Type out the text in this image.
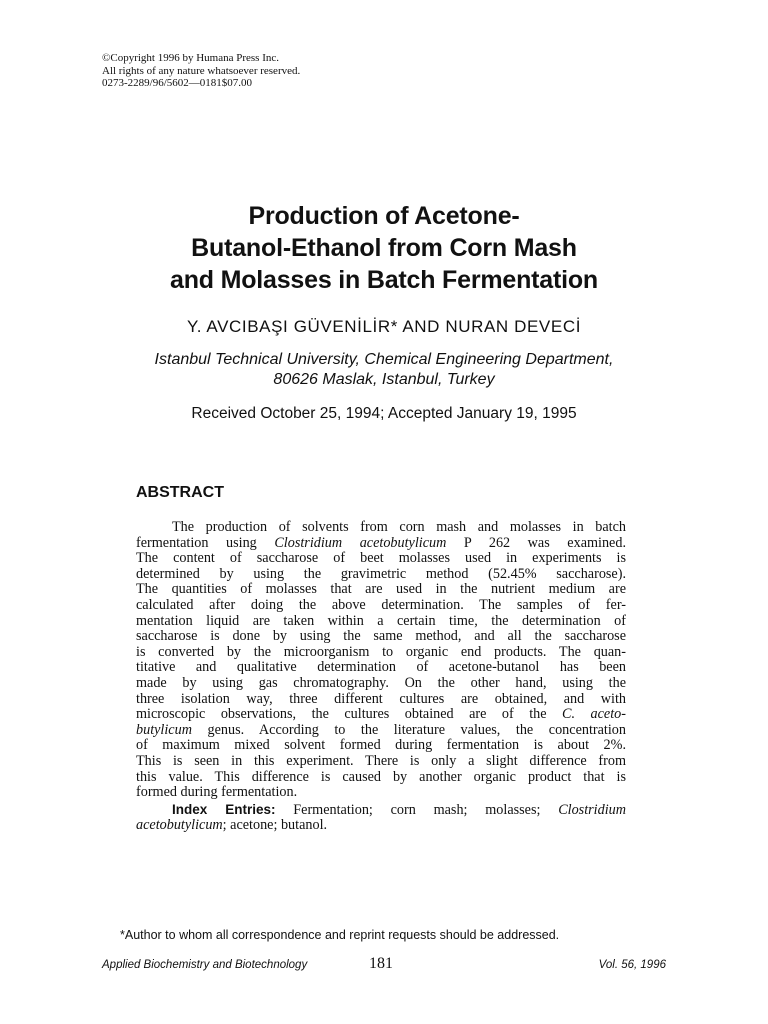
©Copyright 1996 by Humana Press Inc.
All rights of any nature whatsoever reserved.
0273-2289/96/5602—0181$07.00
Production of Acetone-
Butanol-Ethanol from Corn Mash
and Molasses in Batch Fermentation
Y. AVCIBAŞI GÜVENİLİR* AND NURAN DEVECİ
Istanbul Technical University, Chemical Engineering Department,
80626 Maslak, Istanbul, Turkey
Received October 25, 1994; Accepted January 19, 1995
ABSTRACT
The production of solvents from corn mash and molasses in batch
fermentation using Clostridium acetobutylicum P 262 was examined.
The content of saccharose of beet molasses used in experiments is
determined by using the gravimetric method (52.45% saccharose).
The quantities of molasses that are used in the nutrient medium are
calculated after doing the above determination. The samples of fer-
mentation liquid are taken within a certain time, the determination of
saccharose is done by using the same method, and all the saccharose
is converted by the microorganism to organic end products. The quan-
titative and qualitative determination of acetone-butanol has been
made by using gas chromatography. On the other hand, using the
three isolation way, three different cultures are obtained, and with
microscopic observations, the cultures obtained are of the C. aceto-
butylicum genus. According to the literature values, the concentration
of maximum mixed solvent formed during fermentation is about 2%.
This is seen in this experiment. There is only a slight difference from
this value. This difference is caused by another organic product that is
formed during fermentation.
Index Entries: Fermentation; corn mash; molasses; Clostridium
acetobutylicum; acetone; butanol.
*Author to whom all correspondence and reprint requests should be addressed.
Applied Biochemistry and Biotechnology	181	Vol. 56, 1996
